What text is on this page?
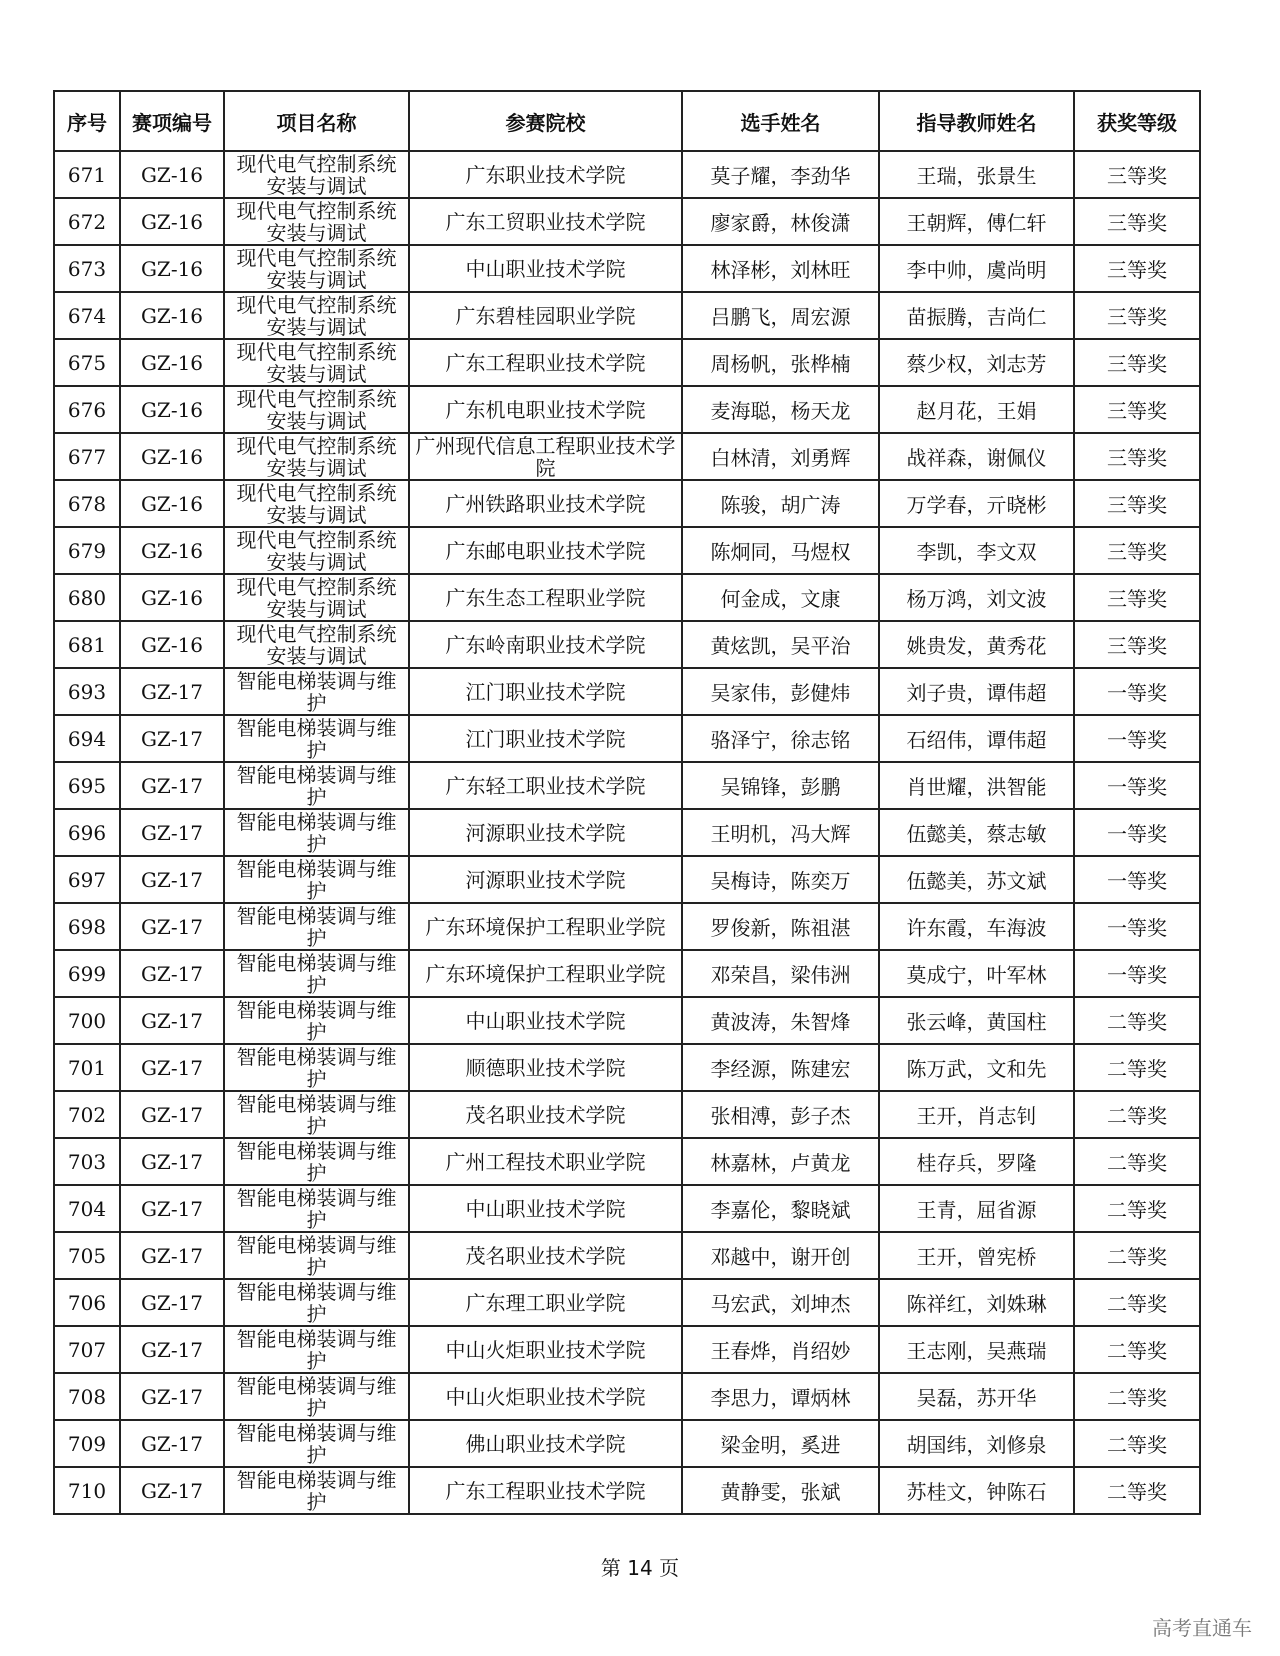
序号	赛项编号	项目名称	参赛院校	选手姓名	指导教师姓名	获奖等级
671	GZ-16	现代电气控制系统安装与调试	广东职业技术学院	莫子耀，李劲华	王瑞，张景生	三等奖
672	GZ-16	现代电气控制系统安装与调试	广东工贸职业技术学院	廖家爵，林俊潇	王朝辉，傅仁轩	三等奖
673	GZ-16	现代电气控制系统安装与调试	中山职业技术学院	林泽彬，刘林旺	李中帅，虞尚明	三等奖
674	GZ-16	现代电气控制系统安装与调试	广东碧桂园职业学院	吕鹏飞，周宏源	苗振腾，吉尚仁	三等奖
675	GZ-16	现代电气控制系统安装与调试	广东工程职业技术学院	周杨帆，张桦楠	蔡少权，刘志芳	三等奖
676	GZ-16	现代电气控制系统安装与调试	广东机电职业技术学院	麦海聪，杨天龙	赵月花，王娟	三等奖
677	GZ-16	现代电气控制系统安装与调试	广州现代信息工程职业技术学院	白林清，刘勇辉	战祥森，谢佩仪	三等奖
678	GZ-16	现代电气控制系统安装与调试	广州铁路职业技术学院	陈骏，胡广涛	万学春，亓晓彬	三等奖
679	GZ-16	现代电气控制系统安装与调试	广东邮电职业技术学院	陈炯同，马煜权	李凯，李文双	三等奖
680	GZ-16	现代电气控制系统安装与调试	广东生态工程职业学院	何金成，文康	杨万鸿，刘文波	三等奖
681	GZ-16	现代电气控制系统安装与调试	广东岭南职业技术学院	黄炫凯，吴平治	姚贵发，黄秀花	三等奖
693	GZ-17	智能电梯装调与维护	江门职业技术学院	吴家伟，彭健炜	刘子贵，谭伟超	一等奖
694	GZ-17	智能电梯装调与维护	江门职业技术学院	骆泽宁，徐志铭	石绍伟，谭伟超	一等奖
695	GZ-17	智能电梯装调与维护	广东轻工职业技术学院	吴锦锋，彭鹏	肖世耀，洪智能	一等奖
696	GZ-17	智能电梯装调与维护	河源职业技术学院	王明机，冯大辉	伍懿美，蔡志敏	一等奖
697	GZ-17	智能电梯装调与维护	河源职业技术学院	吴梅诗，陈奕万	伍懿美，苏文斌	一等奖
698	GZ-17	智能电梯装调与维护	广东环境保护工程职业学院	罗俊新，陈祖湛	许东霞，车海波	一等奖
699	GZ-17	智能电梯装调与维护	广东环境保护工程职业学院	邓荣昌，梁伟洲	莫成宁，叶军林	一等奖
700	GZ-17	智能电梯装调与维护	中山职业技术学院	黄波涛，朱智烽	张云峰，黄国柱	二等奖
701	GZ-17	智能电梯装调与维护	顺德职业技术学院	李经源，陈建宏	陈万武，文和先	二等奖
702	GZ-17	智能电梯装调与维护	茂名职业技术学院	张相溥，彭子杰	王开，肖志钊	二等奖
703	GZ-17	智能电梯装调与维护	广州工程技术职业学院	林嘉林，卢黄龙	桂存兵，罗隆	二等奖
704	GZ-17	智能电梯装调与维护	中山职业技术学院	李嘉伦，黎晓斌	王青，屈省源	二等奖
705	GZ-17	智能电梯装调与维护	茂名职业技术学院	邓越中，谢开创	王开，曾宪桥	二等奖
706	GZ-17	智能电梯装调与维护	广东理工职业学院	马宏武，刘坤杰	陈祥红，刘姝琳	二等奖
707	GZ-17	智能电梯装调与维护	中山火炬职业技术学院	王春烨，肖绍妙	王志刚，吴燕瑞	二等奖
708	GZ-17	智能电梯装调与维护	中山火炬职业技术学院	李思力，谭炳林	吴磊，苏开华	二等奖
709	GZ-17	智能电梯装调与维护	佛山职业技术学院	梁金明，奚进	胡国纬，刘修泉	二等奖
710	GZ-17	智能电梯装调与维护	广东工程职业技术学院	黄静雯，张斌	苏桂文，钟陈石	二等奖
第 14 页
高考直通车
